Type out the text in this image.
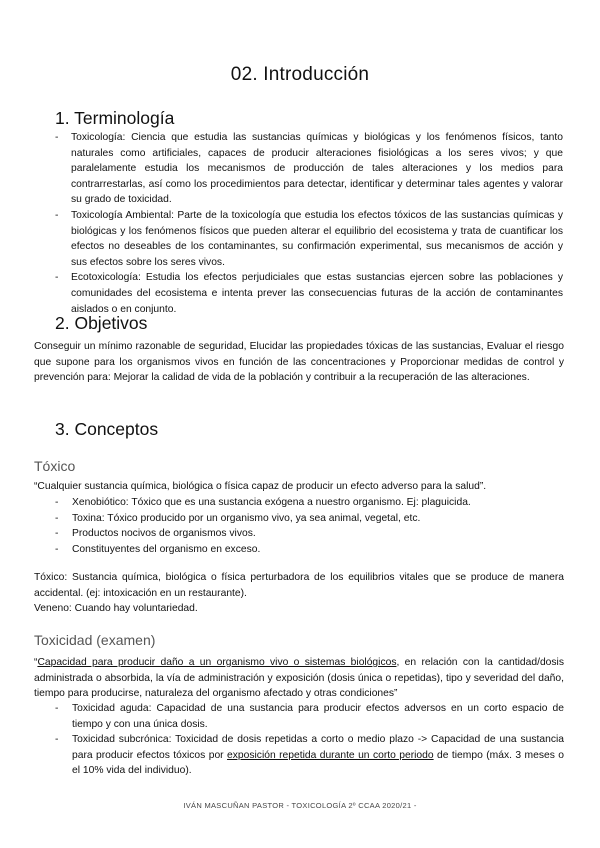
02. Introducción
1. Terminología
- Toxicología: Ciencia que estudia las sustancias químicas y biológicas y los fenómenos físicos, tanto naturales como artificiales, capaces de producir alteraciones fisiológicas a los seres vivos; y que paralelamente estudia los mecanismos de producción de tales alteraciones y los medios para contrarrestarlas, así como los procedimientos para detectar, identificar y determinar tales agentes y valorar su grado de toxicidad.
- Toxicología Ambiental: Parte de la toxicología que estudia los efectos tóxicos de las sustancias químicas y biológicas y los fenómenos físicos que pueden alterar el equilibrio del ecosistema y trata de cuantificar los efectos no deseables de los contaminantes, su confirmación experimental, sus mecanismos de acción y sus efectos sobre los seres vivos.
- Ecotoxicología: Estudia los efectos perjudiciales que estas sustancias ejercen sobre las poblaciones y comunidades del ecosistema e intenta prever las consecuencias futuras de la acción de contaminantes aislados o en conjunto.
2. Objetivos

Conseguir un mínimo razonable de seguridad, Elucidar las propiedades tóxicas de las sustancias, Evaluar el riesgo que supone para los organismos vivos en función de las concentraciones y Proporcionar medidas de control y prevención para: Mejorar la calidad de vida de la población y contribuir a la recuperación de las alteraciones.

3. Conceptos
Tóxico

“Cualquier sustancia química, biológica o física capaz de producir un efecto adverso para la salud”.

- Xenobiótico: Tóxico que es una sustancia exógena a nuestro organismo. Ej: plaguicida.
- Toxina: Tóxico producido por un organismo vivo, ya sea animal, vegetal, etc.
- Productos nocivos de organismos vivos.
- Constituyentes del organismo en exceso.

Tóxico: Sustancia química, biológica o física perturbadora de los equilibrios vitales que se produce de manera accidental. (ej: intoxicación en un restaurante).

Veneno: Cuando hay voluntariedad.

Toxicidad (examen)

“Capacidad para producir daño a un organismo vivo o sistemas biológicos, en relación con la cantidad/dosis administrada o absorbida, la vía de administración y exposición (dosis única o repetidas), tipo y severidad del daño, tiempo para producirse, naturaleza del organismo afectado y otras condiciones”

- Toxicidad aguda: Capacidad de una sustancia para producir efectos adversos en un corto espacio de tiempo y con una única dosis.
- Toxicidad subcrónica: Toxicidad de dosis repetidas a corto o medio plazo -> Capacidad de una sustancia para producir efectos tóxicos por exposición repetida durante un corto periodo de tiempo (máx. 3 meses o el 10% vida del individuo).
IVÁN MASCUÑAN PASTOR - TOXICOLOGÍA 2º CCAA 2020/21 -
